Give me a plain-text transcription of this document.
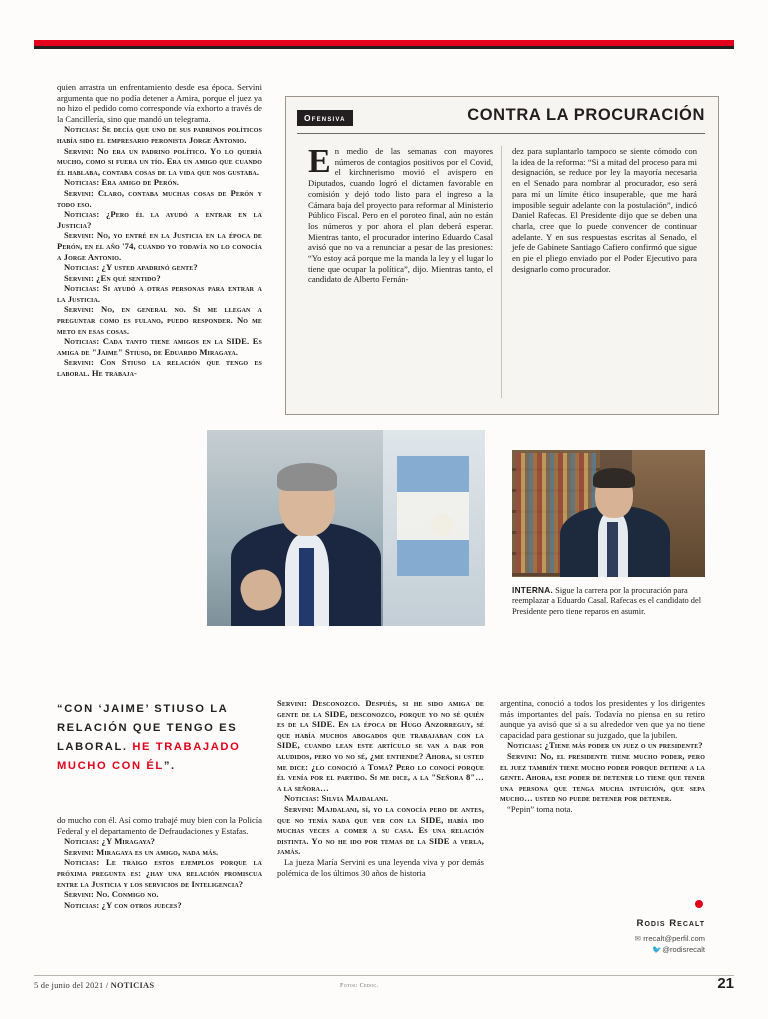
quien arrastra un enfrentamiento desde esa época. Servini argumenta que no podía detener a Amira, porque el juez ya no hizo el pedido como corresponde vía exhorto a través de la Cancillería, sino que mandó un telegrama.

Noticias: Se decía que uno de sus padrinos políticos había sido el empresario peronista Jorge Antonio.

Servini: No era un padrino político. Yo lo quería mucho, como si fuera un tío. Era un amigo que cuando él hablaba, contaba cosas de la vida que nos gustaba.

Noticias: Era amigo de Perón.

Servini: Claro, contaba muchas cosas de Perón y todo eso.

Noticias: ¿Pero él la ayudó a entrar en la Justicia?

Servini: No, yo entré en la Justicia en la época de Perón, en el año '74, cuando yo todavía no lo conocía a Jorge Antonio.

Noticias: ¿Y usted apadrinó gente?

Servini: ¿En qué sentido?

Noticias: Si ayudó a otras personas para entrar a la Justicia.

Servini: No, en general no. Si me llegan a preguntar como es fulano, puedo responder. No me meto en esas cosas.

Noticias: Cada tanto tiene amigos en la SIDE. Es amiga de "Jaime" Stiuso, de Eduardo Miragaya.

Servini: Con Stiuso la relación que tengo es laboral. He trabaja-

“CON ‘JAIME’ STIUSO LA RELACIÓN QUE TENGO ES LABORAL. HE TRABAJADO MUCHO CON ÉL”.

do mucho con él. Así como trabajé muy bien con la Policía Federal y el departamento de Defraudaciones y Estafas.

Noticias: ¿Y Miragaya?

Servini: Miragaya es un amigo, nada más.

Noticias: Le traigo estos ejemplos porque la próxima pregunta es: ¿hay una relación promiscua entre la Justicia y los servicios de Inteligencia?

Servini: No. Conmigo no.

Noticias: ¿Y con otros jueces?

Ofensiva	CONTRA LA PROCURACIÓN
En medio de las semanas con mayores números de contagios positivos por el Covid, el kirchnerismo movió el avispero en Diputados, cuando logró el dictamen favorable en comisión y dejó todo listo para el ingreso a la Cámara baja del proyecto para reformar al Ministerio Público Fiscal. Pero en el poroteo final, aún no están los números y por ahora el plan deberá esperar. Mientras tanto, el procurador interino Eduardo Casal avisó que no va a renunciar a pesar de las presiones: “Yo estoy acá porque me la manda la ley y el lugar lo tiene que ocupar la política”, dijo. Mientras tanto, el candidato de Alberto Fernán-
dez para suplantarlo tampoco se siente cómodo con la idea de la reforma: “Si a mitad del proceso para mi designación, se reduce por ley la mayoría necesaria en el Senado para nombrar al procurador, eso será para mí un límite ético insuperable, que me hará imposible seguir adelante con la postulación”, indicó Daniel Rafecas. El Presidente dijo que se deben una charla, cree que lo puede convencer de continuar adelante. Y en sus respuestas escritas al Senado, el jefe de Gabinete Santiago Cafiero confirmó que sigue en pie el pliego enviado por el Poder Ejecutivo para designarlo como procurador.
INTERNA. Sigue la carrera por la procuración para reemplazar a Eduardo Casal. Rafecas es el candidato del Presidente pero tiene reparos en asumir.

Servini: Desconozco. Después, si he sido amiga de gente de la SIDE, desconozco, porque yo no sé quién es de la SIDE. En la época de Hugo Anzorreguy, sé que había muchos abogados que trabajaban con la SIDE, cuando lean este artículo se van a dar por aludidos, pero yo no sé, ¿me entiende? Ahora, si usted me dice: ¿lo conoció a Toma? Pero lo conocí porque él venía por el partido. Si me dice, a la "Señora 8"… a la señora…

Noticias: Silvia Majdalani.

Servini: Majdalani, sí, yo la conocía pero de antes, que no tenía nada que ver con la SIDE, había ido muchas veces a comer a su casa. Es una relación distinta. Yo no he ido por temas de la SIDE a verla, jamás.

La jueza María Servini es una leyenda viva y por demás polémica de los últimos 30 años de historia

argentina, conoció a todos los presidentes y los dirigentes más importantes del país. Todavía no piensa en su retiro aunque ya avisó que si a su alrededor ven que ya no tiene capacidad para gestionar su juzgado, que la jubilen.

Noticias: ¿Tiene más poder un juez o un presidente?

Servini: No, el presidente tiene mucho poder, pero el juez también tiene mucho poder porque detiene a la gente. Ahora, ese poder de detener lo tiene que tener una persona que tenga mucha intuición, que sepa mucho… usted no puede detener por detener.

“Pepin” toma nota.

Rodis Recalt
✉ rrecalt@perfil.com
🐦@rodisrecalt
5 de junio del 2021 / NOTICIAS	Fotos: Cedoc.	21
